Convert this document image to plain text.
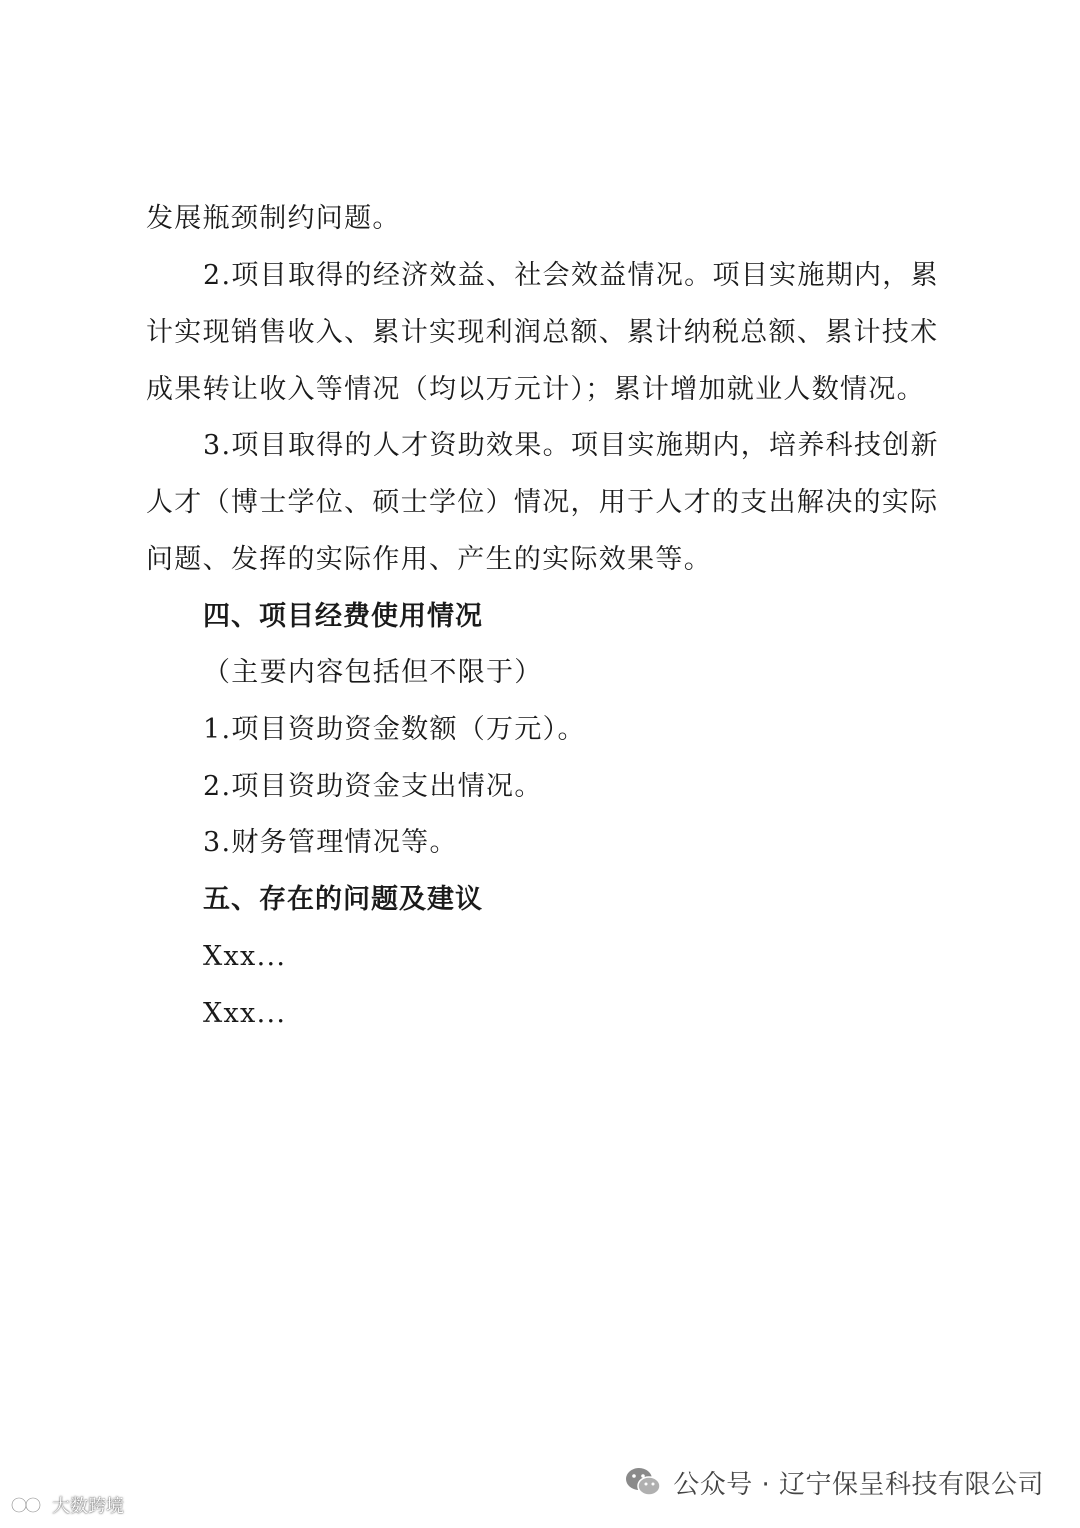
发展瓶颈制约问题。
2.项目取得的经济效益、社会效益情况。项目实施期内，累
计实现销售收入、累计实现利润总额、累计纳税总额、累计技术
成果转让收入等情况（均以万元计）；累计增加就业人数情况。
3.项目取得的人才资助效果。项目实施期内，培养科技创新
人才（博士学位、硕士学位）情况，用于人才的支出解决的实际
问题、发挥的实际作用、产生的实际效果等。
四、项目经费使用情况
（主要内容包括但不限于）
1.项目资助资金数额（万元）。
2.项目资助资金支出情况。
3.财务管理情况等。
五、存在的问题及建议
Xxx...
Xxx...
公众号 · 辽宁保呈科技有限公司
大数跨境
